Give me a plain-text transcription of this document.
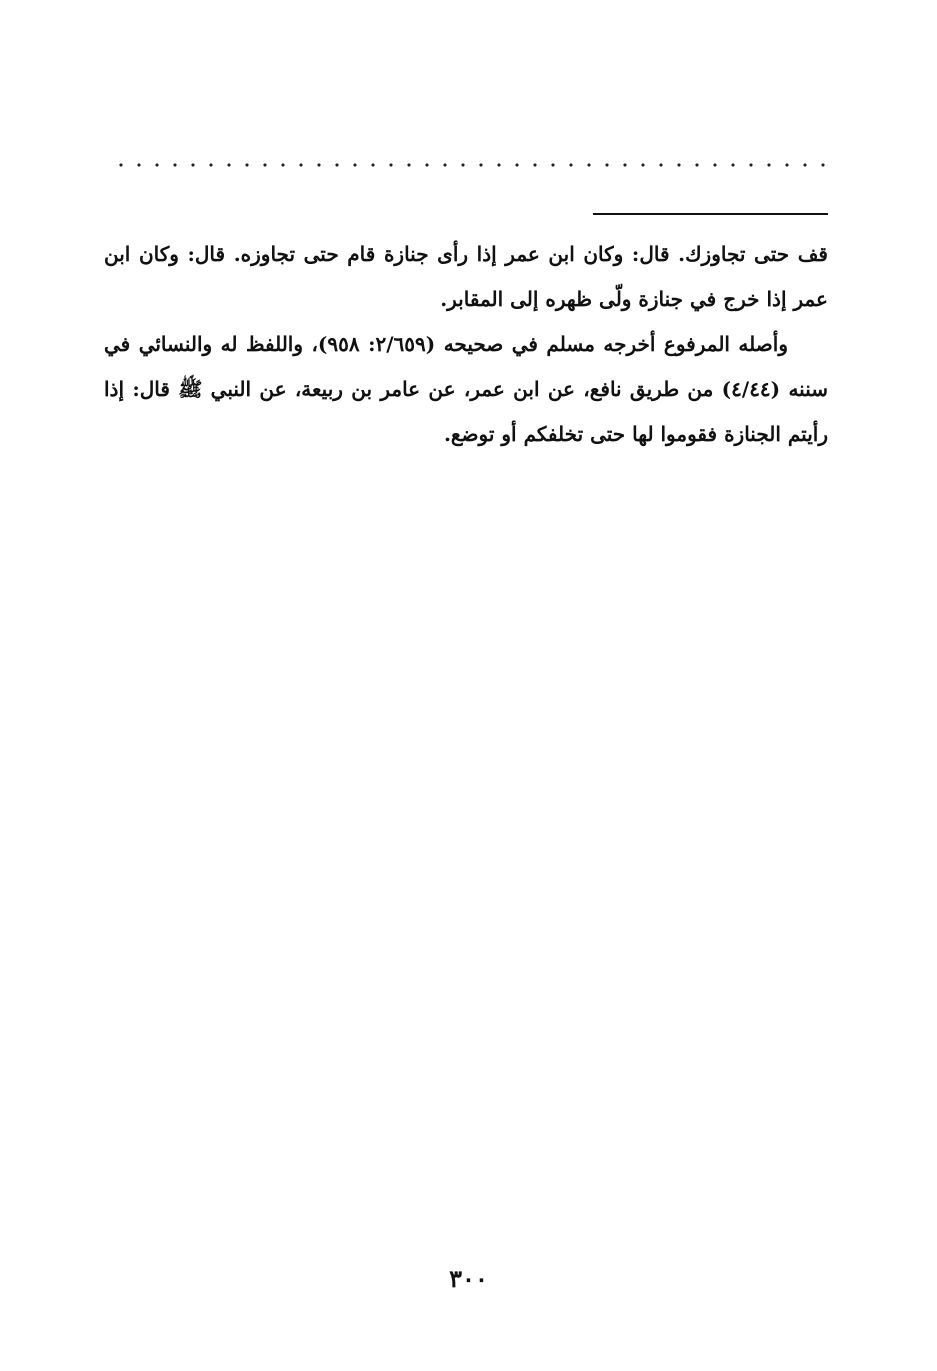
قف حتى تجاوزك. قال: وكان ابن عمر إذا رأى جنازة قام حتى تجاوزه. قال: وكان ابن عمر إذا خرج في جنازة ولّى ظهره إلى المقابر.

وأصله المرفوع أخرجه مسلم في صحيحه (٢/٦٥٩: ٩٥٨)، واللفظ له والنسائي في سننه (٤/٤٤) من طريق نافع، عن ابن عمر، عن عامر بن ربيعة، عن النبي ﷺ قال: إذا رأيتم الجنازة فقوموا لها حتى تخلفكم أو توضع.

٣٠٠
